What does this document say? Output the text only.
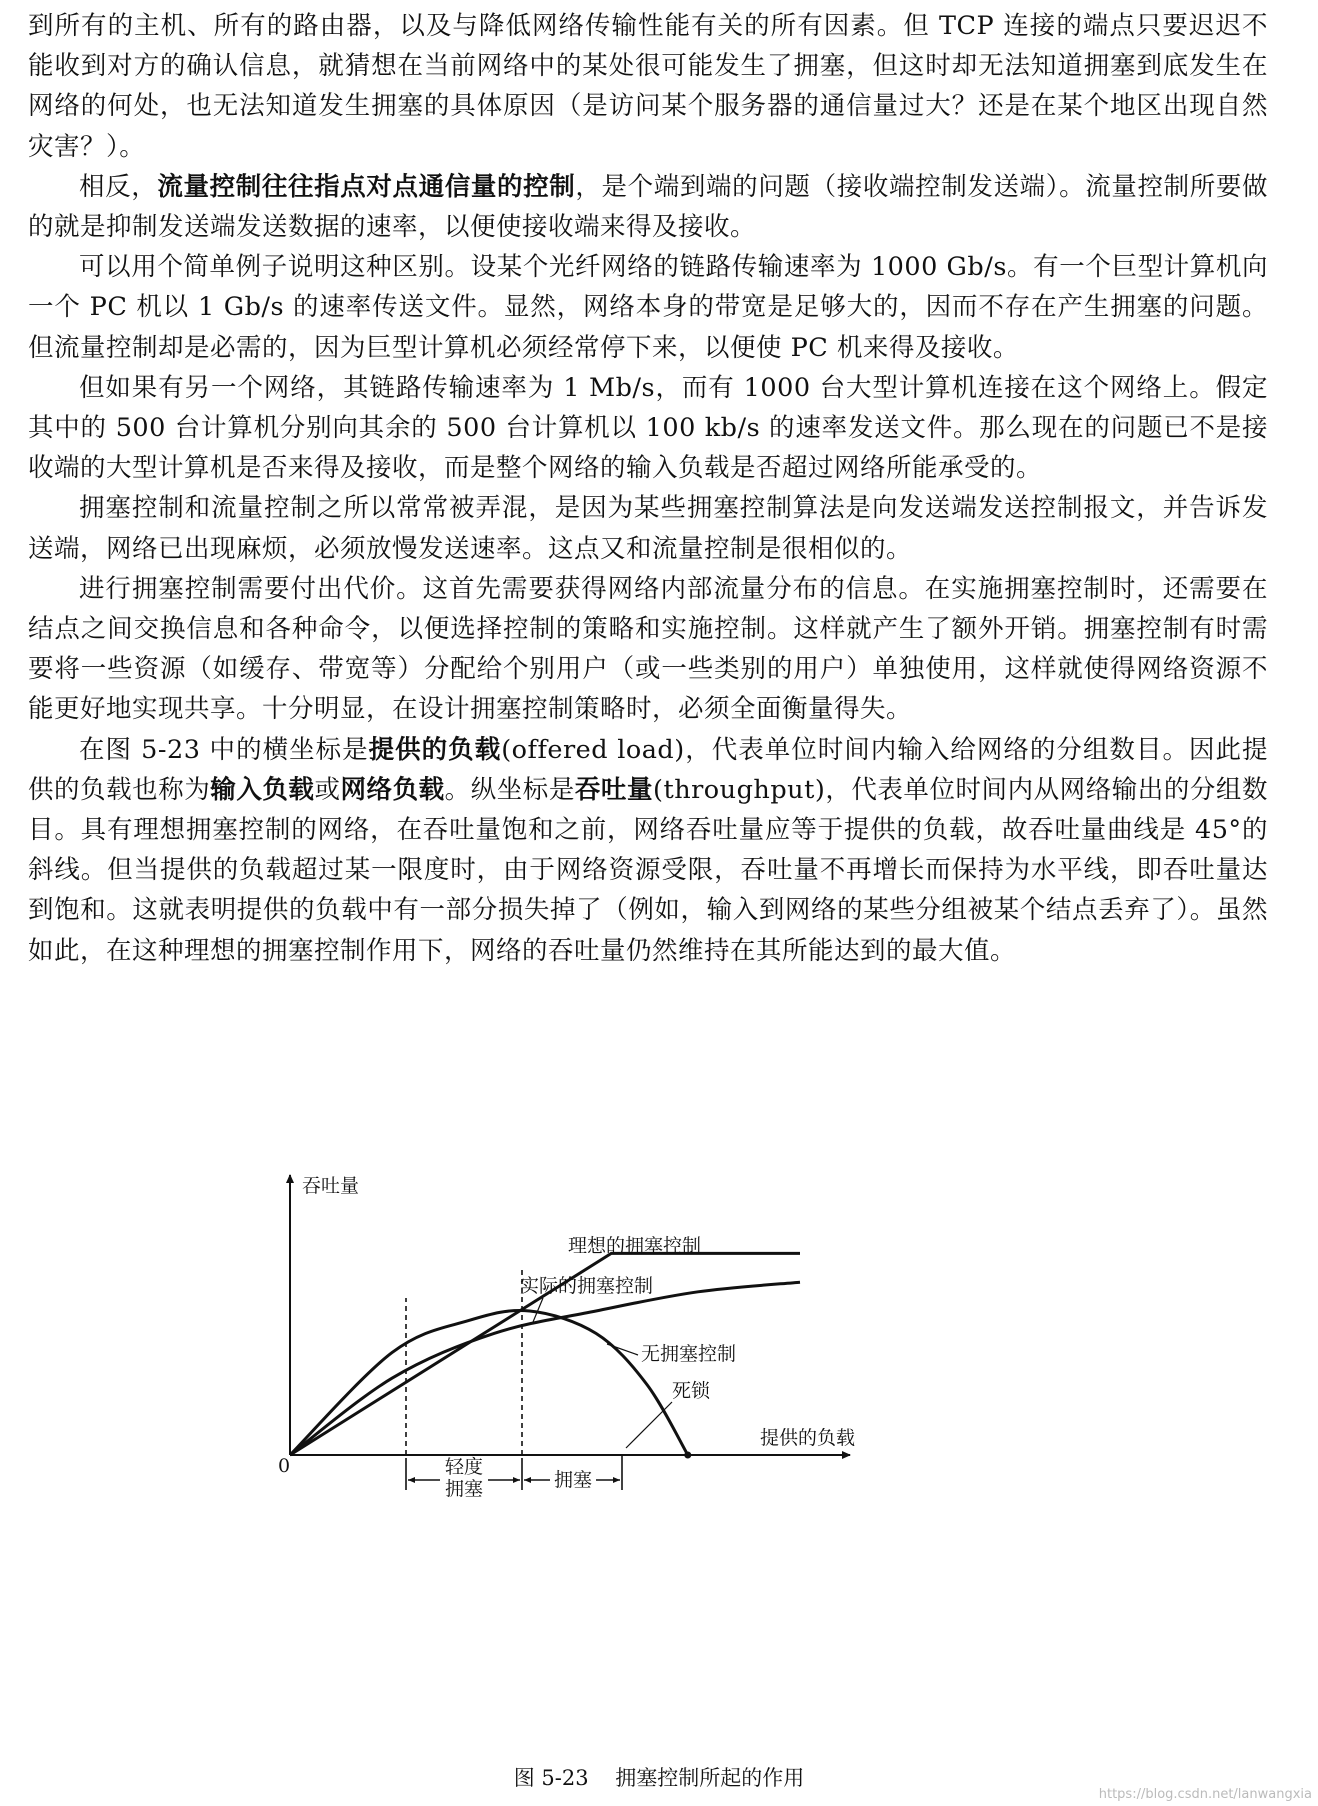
到所有的主机、所有的路由器，以及与降低网络传输性能有关的所有因素。但 TCP 连接的端点只要迟迟不能收到对方的确认信息，就猜想在当前网络中的某处很可能发生了拥塞，但这时却无法知道拥塞到底发生在网络的何处，也无法知道发生拥塞的具体原因（是访问某个服务器的通信量过大？还是在某个地区出现自然灾害？）。

相反，流量控制往往指点对点通信量的控制，是个端到端的问题（接收端控制发送端）。流量控制所要做的就是抑制发送端发送数据的速率，以便使接收端来得及接收。

可以用个简单例子说明这种区别。设某个光纤网络的链路传输速率为 1000 Gb/s。有一个巨型计算机向一个 PC 机以 1 Gb/s 的速率传送文件。显然，网络本身的带宽是足够大的，因而不存在产生拥塞的问题。但流量控制却是必需的，因为巨型计算机必须经常停下来，以便使 PC 机来得及接收。

但如果有另一个网络，其链路传输速率为 1 Mb/s，而有 1000 台大型计算机连接在这个网络上。假定其中的 500 台计算机分别向其余的 500 台计算机以 100 kb/s 的速率发送文件。那么现在的问题已不是接收端的大型计算机是否来得及接收，而是整个网络的输入负载是否超过网络所能承受的。

拥塞控制和流量控制之所以常常被弄混，是因为某些拥塞控制算法是向发送端发送控制报文，并告诉发送端，网络已出现麻烦，必须放慢发送速率。这点又和流量控制是很相似的。

进行拥塞控制需要付出代价。这首先需要获得网络内部流量分布的信息。在实施拥塞控制时，还需要在结点之间交换信息和各种命令，以便选择控制的策略和实施控制。这样就产生了额外开销。拥塞控制有时需要将一些资源（如缓存、带宽等）分配给个别用户（或一些类别的用户）单独使用，这样就使得网络资源不能更好地实现共享。十分明显，在设计拥塞控制策略时，必须全面衡量得失。

在图 5-23 中的横坐标是提供的负载(offered load)，代表单位时间内输入给网络的分组数目。因此提供的负载也称为输入负载或网络负载。纵坐标是吞吐量(throughput)，代表单位时间内从网络输出的分组数目。具有理想拥塞控制的网络，在吞吐量饱和之前，网络吞吐量应等于提供的负载，故吞吐量曲线是 45°的斜线。但当提供的负载超过某一限度时，由于网络资源受限，吞吐量不再增长而保持为水平线，即吞吐量达到饱和。这就表明提供的负载中有一部分损失掉了（例如，输入到网络的某些分组被某个结点丢弃了）。虽然如此，在这种理想的拥塞控制作用下，网络的吞吐量仍然维持在其所能达到的最大值。

吞吐量
提供的负载
0	轻度
拥塞	拥塞
理想的拥塞控制
实际的拥塞控制
无拥塞控制
死锁
图 5-23 拥塞控制所起的作用
https://blog.csdn.net/lanwangxia
